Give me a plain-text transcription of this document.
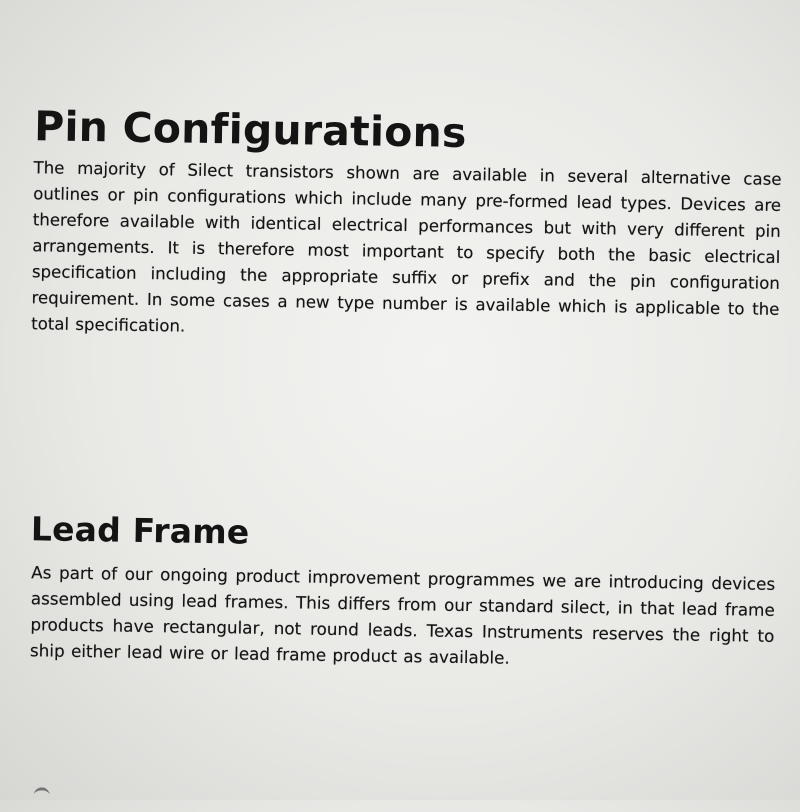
Pin Configurations

The majority of Silect transistors shown are available in several alternative case outlines or pin configurations which include many pre-formed lead types. Devices are therefore available with identical electrical performances but with very different pin arrangements. It is therefore most important to specify both the basic electrical specification including the appropriate suffix or prefix and the pin configuration requirement. In some cases a new type number is available which is applicable to the total specification.

Lead Frame

As part of our ongoing product improvement programmes we are introducing devices assembled using lead frames. This differs from our standard silect, in that lead frame products have rectangular, not round leads. Texas Instruments reserves the right to ship either lead wire or lead frame product as available.
